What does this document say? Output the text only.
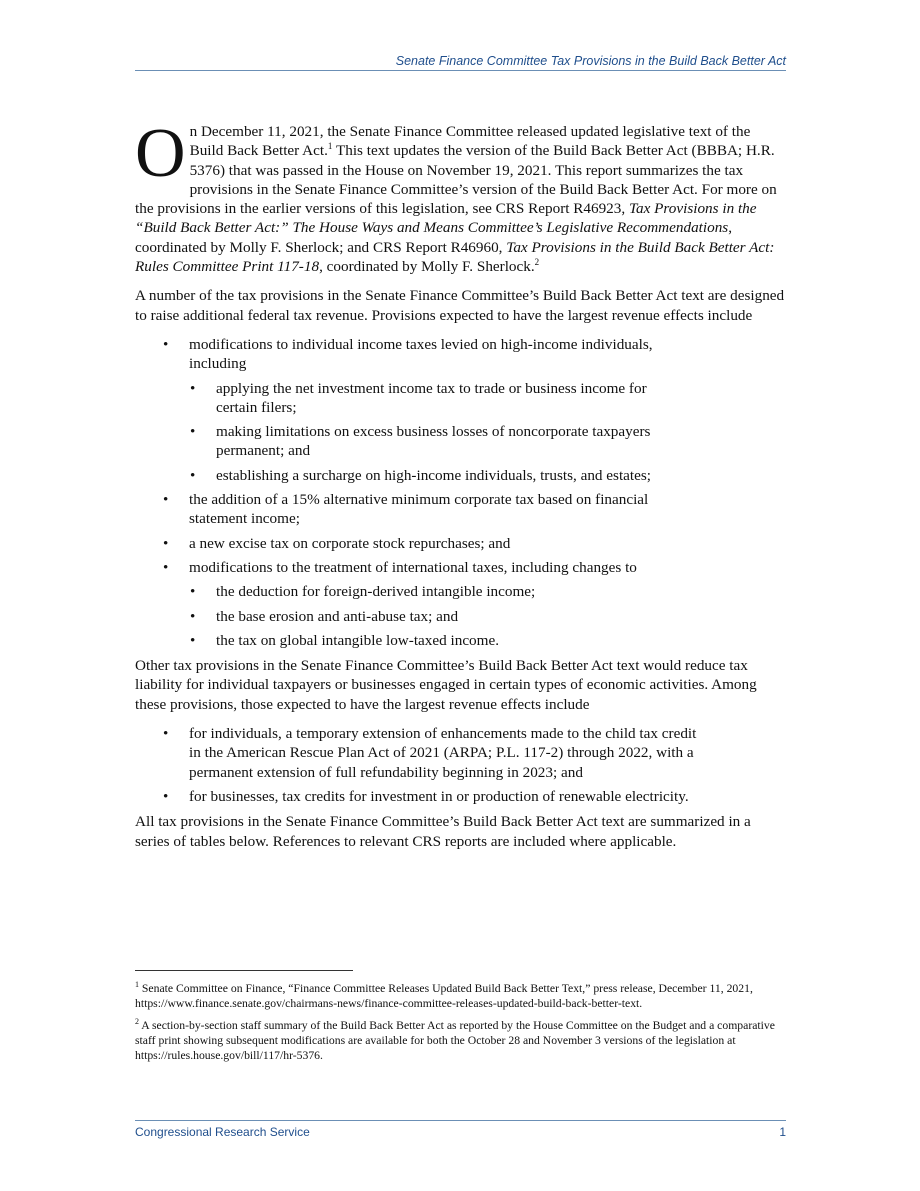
Senate Finance Committee Tax Provisions in the Build Back Better Act

On December 11, 2021, the Senate Finance Committee released updated legislative text of the Build Back Better Act.$^1$ This text updates the version of the Build Back Better Act (BBBA; H.R. 5376) that was passed in the House on November 19, 2021. This report summarizes the tax provisions in the Senate Finance Committee’s version of the Build Back Better Act. For more on the provisions in the earlier versions of this legislation, see CRS Report R46923, Tax Provisions in the “Build Back Better Act:” The House Ways and Means Committee’s Legislative Recommendations, coordinated by Molly F. Sherlock; and CRS Report R46960, Tax Provisions in the Build Back Better Act: Rules Committee Print 117-18, coordinated by Molly F. Sherlock.$^2$

A number of the tax provisions in the Senate Finance Committee’s Build Back Better Act text are designed to raise additional federal tax revenue. Provisions expected to have the largest revenue effects include

• modifications to individual income taxes levied on high-income individuals, including
• applying the net investment income tax to trade or business income for certain filers;
• making limitations on excess business losses of noncorporate taxpayers permanent; and
• establishing a surcharge on high-income individuals, trusts, and estates;
• the addition of a 15% alternative minimum corporate tax based on financial statement income;
• a new excise tax on corporate stock repurchases; and
• modifications to the treatment of international taxes, including changes to
• the deduction for foreign-derived intangible income;
• the base erosion and anti-abuse tax; and
• the tax on global intangible low-taxed income.

Other tax provisions in the Senate Finance Committee’s Build Back Better Act text would reduce tax liability for individual taxpayers or businesses engaged in certain types of economic activities. Among these provisions, those expected to have the largest revenue effects include

• for individuals, a temporary extension of enhancements made to the child tax credit in the American Rescue Plan Act of 2021 (ARPA; P.L. 117-2) through 2022, with a permanent extension of full refundability beginning in 2023; and
• for businesses, tax credits for investment in or production of renewable electricity.

All tax provisions in the Senate Finance Committee’s Build Back Better Act text are summarized in a series of tables below. References to relevant CRS reports are included where applicable.

$^1$ Senate Committee on Finance, “Finance Committee Releases Updated Build Back Better Text,” press release, December 11, 2021, https://www.finance.senate.gov/chairmans-news/finance-committee-releases-updated-build-back-better-text.

$^2$ A section-by-section staff summary of the Build Back Better Act as reported by the House Committee on the Budget and a comparative staff print showing subsequent modifications are available for both the October 28 and November 3 versions of the legislation at https://rules.house.gov/bill/117/hr-5376.

Congressional Research Service	1
